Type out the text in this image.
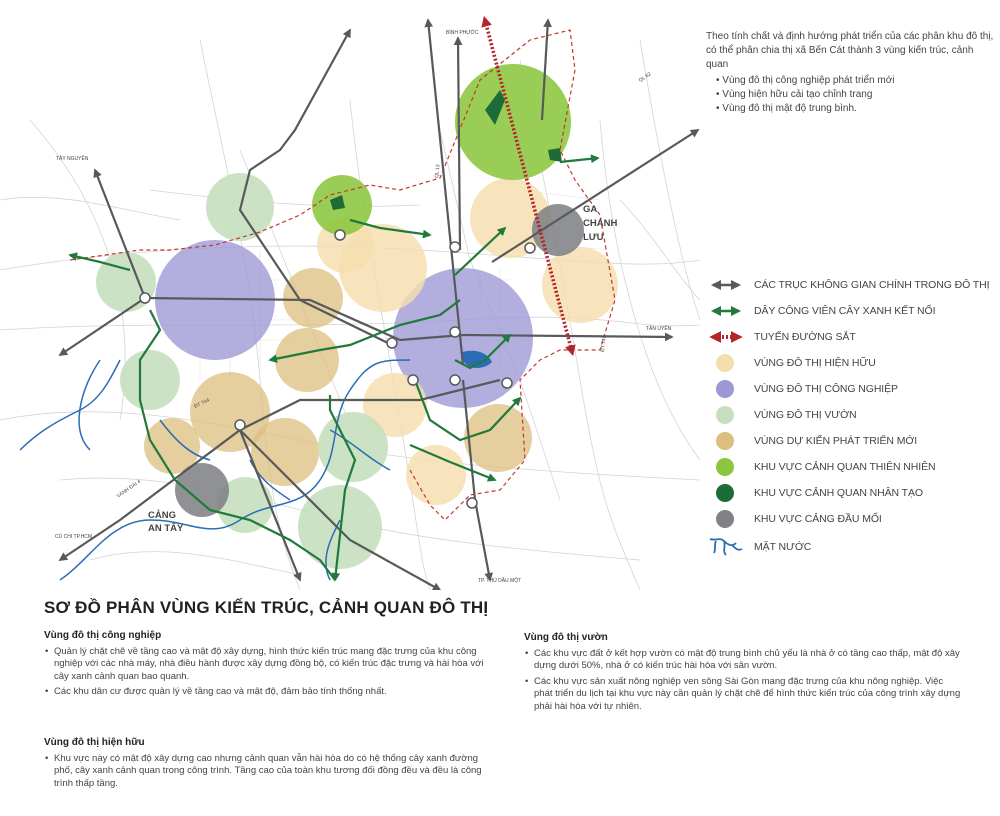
GA
CHÁNH
LƯU
CẢNG
AN TÂY
BÌNH PHƯỚC
TÂY NGUYÊN
TÂN UYÊN
CỦ CHI TP.HCM
TP. THỦ DẦU MỘT
VÀNH ĐAI 4
ĐT 744
QL 13
ĐT 741
QL 62
Theo tính chất và định hướng phát triển của các phân khu đô thị, có thể phân chia thị xã Bến Cát thành 3 vùng kiến trúc, cảnh quan
• Vùng đô thị công nghiệp phát triển mới
• Vùng hiện hữu cải tạo chỉnh trang
• Vùng đô thị mật độ trung bình.
CÁC TRỤC KHÔNG GIAN CHÍNH TRONG ĐÔ THỊ
DÂY CÔNG VIÊN CÂY XANH KẾT NỐI
TUYẾN ĐƯỜNG SẮT
VÙNG ĐÔ THỊ HIỆN HỮU
VÙNG ĐÔ THỊ CÔNG NGHIỆP
VÙNG ĐÔ THỊ VƯỜN
VÙNG DỰ KIẾN PHÁT TRIỂN MỚI
KHU VỰC CẢNH QUAN THIÊN NHIÊN
KHU VỰC CẢNH QUAN NHÂN TẠO
KHU VỰC CẢNG ĐẦU MỐI
MẶT NƯỚC
SƠ ĐỒ PHÂN VÙNG KIẾN TRÚC, CẢNH QUAN ĐÔ THỊ
Vùng đô thị công nghiệp
• Quản lý chặt chẽ về tầng cao và mật độ xây dựng, hình thức kiến trúc mang đặc trưng của khu công nghiệp với các nhà máy, nhà điều hành được xây dựng đồng bộ, có kiến trúc đặc trưng và hài hòa với cây xanh cảnh quan bao quanh.
• Các khu dân cư được quản lý về tầng cao và mật độ, đảm bảo tính thống nhất.
Vùng đô thị hiện hữu
• Khu vực này có mật độ xây dựng cao nhưng cảnh quan vẫn hài hòa do có hệ thống cây xanh đường phố, cây xanh cảnh quan trong công trình. Tầng cao của toàn khu tương đối đồng đều và đều là công trình thấp tầng.
Vùng đô thị vườn
• Các khu vực đất ở kết hợp vườn có mật độ trung bình chủ yếu là nhà ở có tầng cao thấp, mật độ xây dựng dưới 50%, nhà ở có kiến trúc hài hòa với sân vườn.
• Các khu vực sản xuất nông nghiệp ven sông Sài Gòn mang đặc trưng của khu nông nghiệp. Việc phát triển du lịch tại khu vực này cần quản lý chặt chẽ để hình thức kiến trúc của công trình xây dựng phải hài hòa với tự nhiên.
